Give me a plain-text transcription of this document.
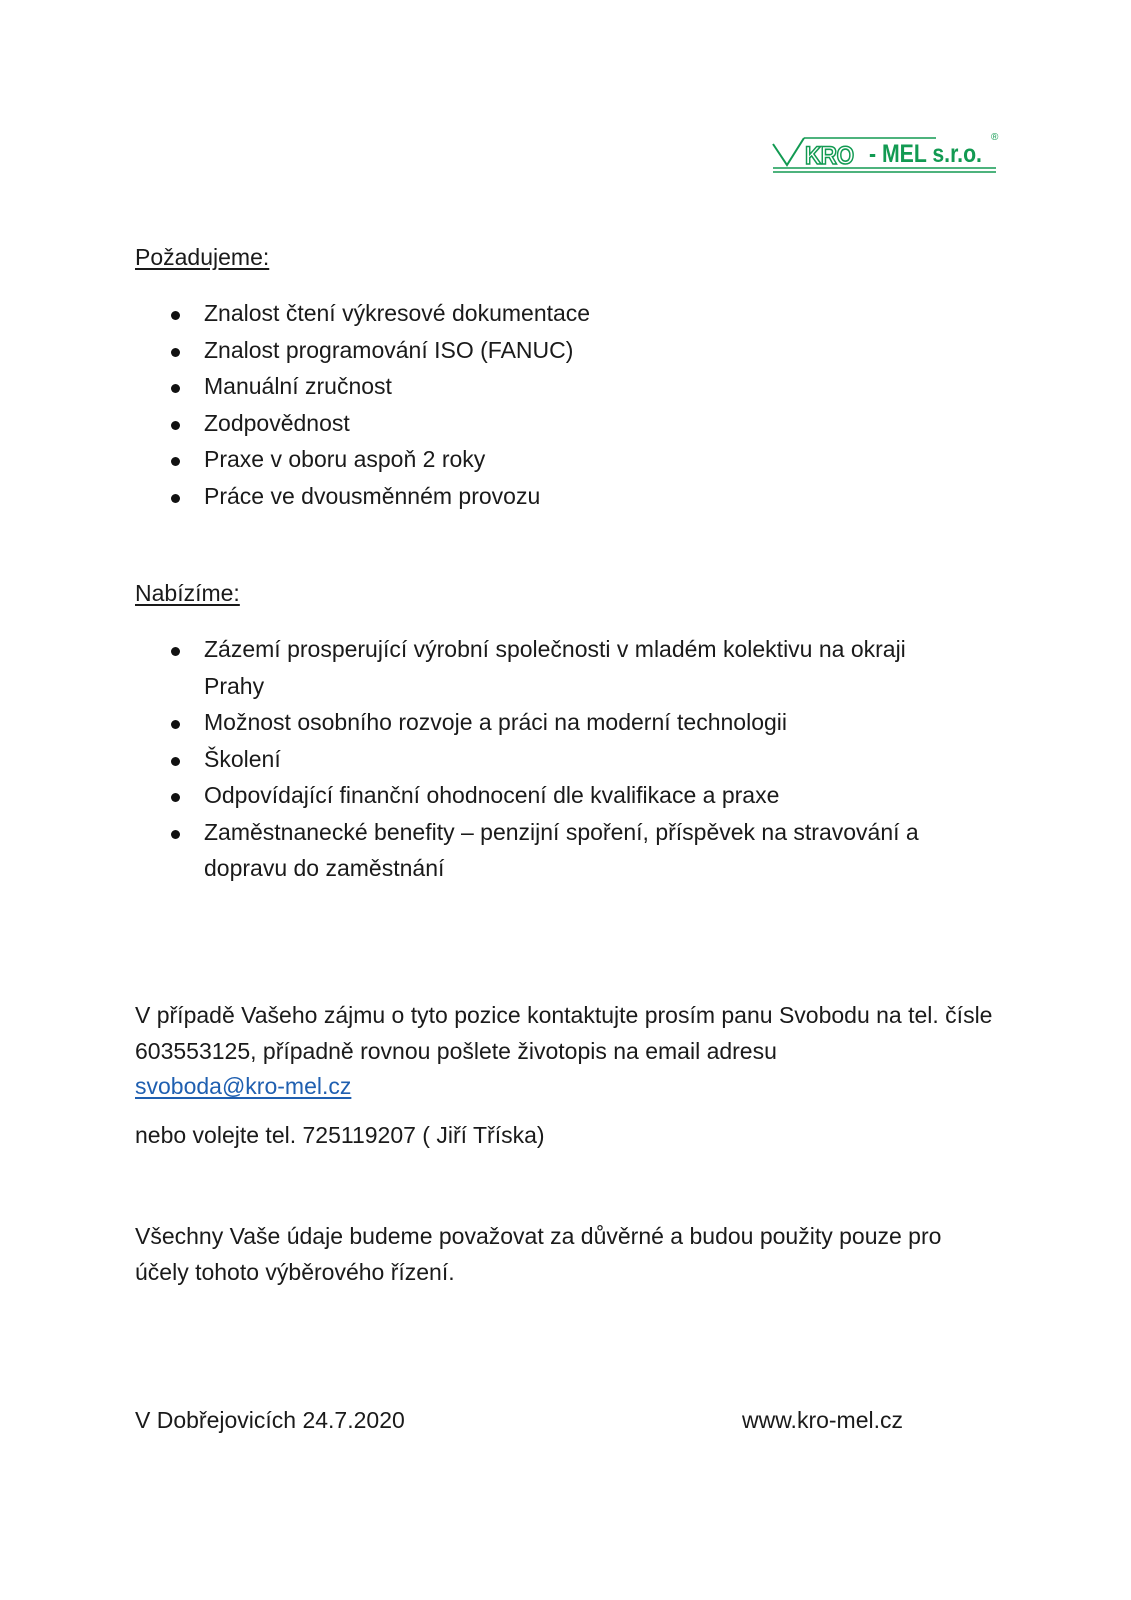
KRO - MEL s.r.o.
®
Požadujeme:
Znalost čtení výkresové dokumentace
Znalost programování ISO (FANUC)
Manuální zručnost
Zodpovědnost
Praxe v oboru aspoň 2 roky
Práce ve dvousměnném provozu
Nabízíme:
Zázemí prosperující výrobní společnosti v mladém kolektivu na okraji Prahy
Možnost osobního rozvoje a práci na moderní technologii
Školení
Odpovídající finanční ohodnocení dle kvalifikace a praxe
Zaměstnanecké benefity – penzijní spoření, příspěvek na stravování a dopravu do zaměstnání

V případě Vašeho zájmu o tyto pozice kontaktujte prosím panu Svobodu na tel. čísle 603553125, případně rovnou pošlete životopis na email adresu
svoboda@kro-mel.cz

nebo volejte tel. 725119207 ( Jiří Tříska)

Všechny Vaše údaje budeme považovat za důvěrné a budou použity pouze pro účely tohoto výběrového řízení.

V Dobřejovicích 24.7.2020	www.kro-mel.cz
